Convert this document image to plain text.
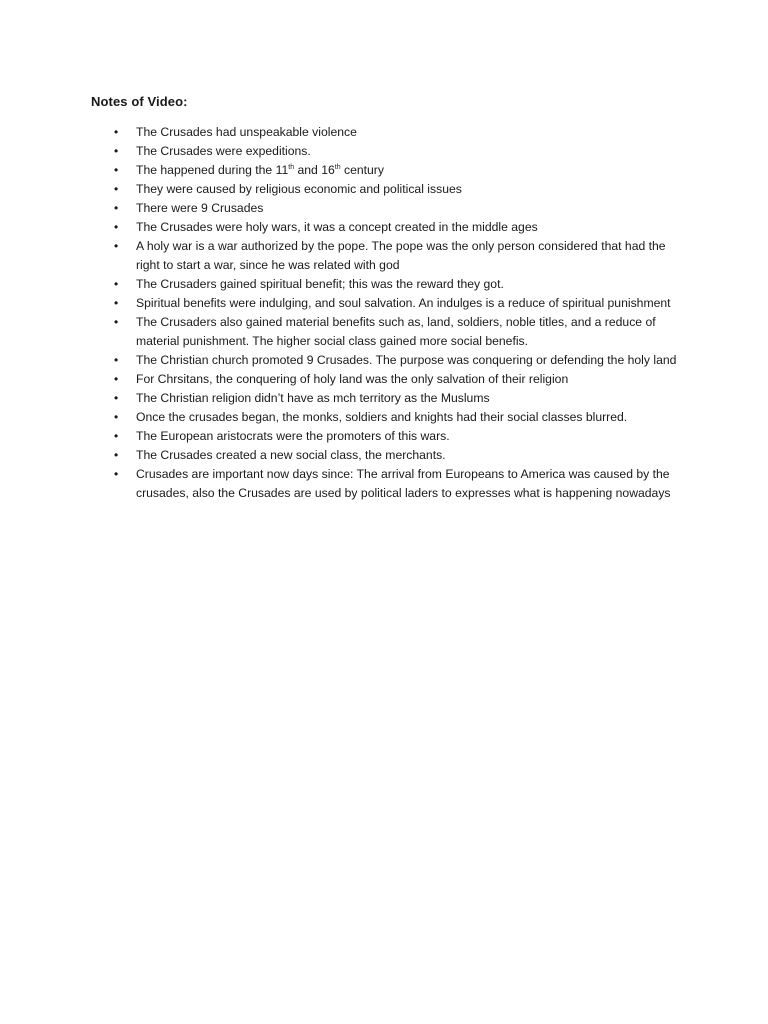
Notes of Video:
• The Crusades had unspeakable violence
• The Crusades were expeditions.
• The happened during the 11th and 16th century
• They were caused by religious economic and political issues
• There were 9 Crusades
• The Crusades were holy wars, it was a concept created in the middle ages
• A holy war is a war authorized by the pope. The pope was the only person considered that had the right to start a war, since he was related with god
• The Crusaders gained spiritual benefit; this was the reward they got.
• Spiritual benefits were indulging, and soul salvation. An indulges is a reduce of spiritual punishment
• The Crusaders also gained material benefits such as, land, soldiers, noble titles, and a reduce of material punishment. The higher social class gained more social benefis.
• The Christian church promoted 9 Crusades. The purpose was conquering or defending the holy land
• For Chrsitans, the conquering of holy land was the only salvation of their religion
• The Christian religion didn’t have as mch territory as the Muslums
• Once the crusades began, the monks, soldiers and knights had their social classes blurred.
• The European aristocrats were the promoters of this wars.
• The Crusades created a new social class, the merchants.
• Crusades are important now days since: The arrival from Europeans to America was caused by the crusades, also the Crusades are used by political laders to expresses what is happening nowadays
